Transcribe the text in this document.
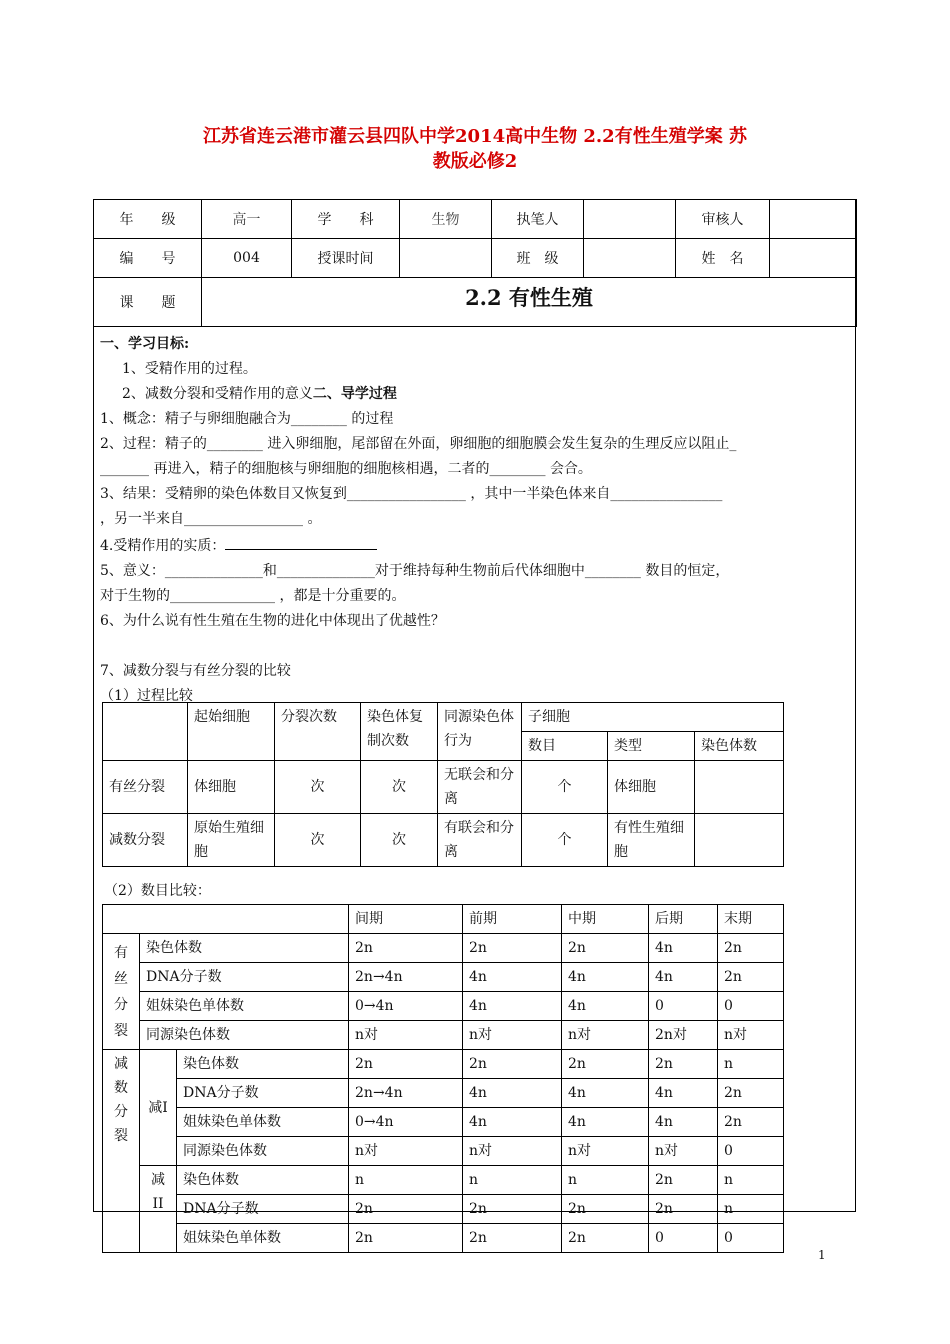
江苏省连云港市灌云县四队中学2014高中生物 2.2有性生殖学案 苏
教版必修2
年　　级	高一	学　　科	生物	执笔人		审核人	
编　　号	004	授课时间		班　级		姓　名	
课　　题	2.2 有性生殖						

一、学习目标:

1、受精作用的过程。

2、减数分裂和受精作用的意义二、导学过程

1、概念：精子与卵细胞融合为________ 的过程

2、过程：精子的________ 进入卵细胞，尾部留在外面，卵细胞的细胞膜会发生复杂的生理反应以阻止_

_______ 再进入，精子的细胞核与卵细胞的细胞核相遇，二者的________ 会合。

3、结果：受精卵的染色体数目又恢复到_________________ ，其中一半染色体来自________________

，另一半来自_________________ 。

4.受精作用的实质：

5、意义：______________和______________对于维持每种生物前后代体细胞中________ 数目的恒定，

对于生物的_______________ ，都是十分重要的。

6、为什么说有性生殖在生物的进化中体现出了优越性？

7、减数分裂与有丝分裂的比较

（1）过程比较

	起始细胞	分裂次数	染色体复制次数	同源染色体行为	子细胞		
					数目	类型	染色体数
有丝分裂	体细胞	次	次	无联会和分离	个	体细胞	
减数分裂	原始生殖细胞	次	次	有联会和分离	个	有性生殖细胞	
（2）数目比较：
			间期	前期	中期	后期	末期
有丝分裂	染色体数		2n	2n	2n	4n	2n
	DNA分子数		2n→4n	4n	4n	4n	2n
	姐妹染色单体数		0→4n	4n	4n	0	0
	同源染色体数		n对	n对	n对	2n对	n对
减数分裂	减I	染色体数	2n	2n	2n	2n	n
		DNA分子数	2n→4n	4n	4n	4n	2n
		姐妹染色单体数	0→4n	4n	4n	4n	2n
		同源染色体数	n对	n对	n对	n对	0
	减II	染色体数	n	n	n	2n	n
		DNA分子数	2n	2n	2n	2n	n
		姐妹染色单体数	2n	2n	2n	0	0
1
